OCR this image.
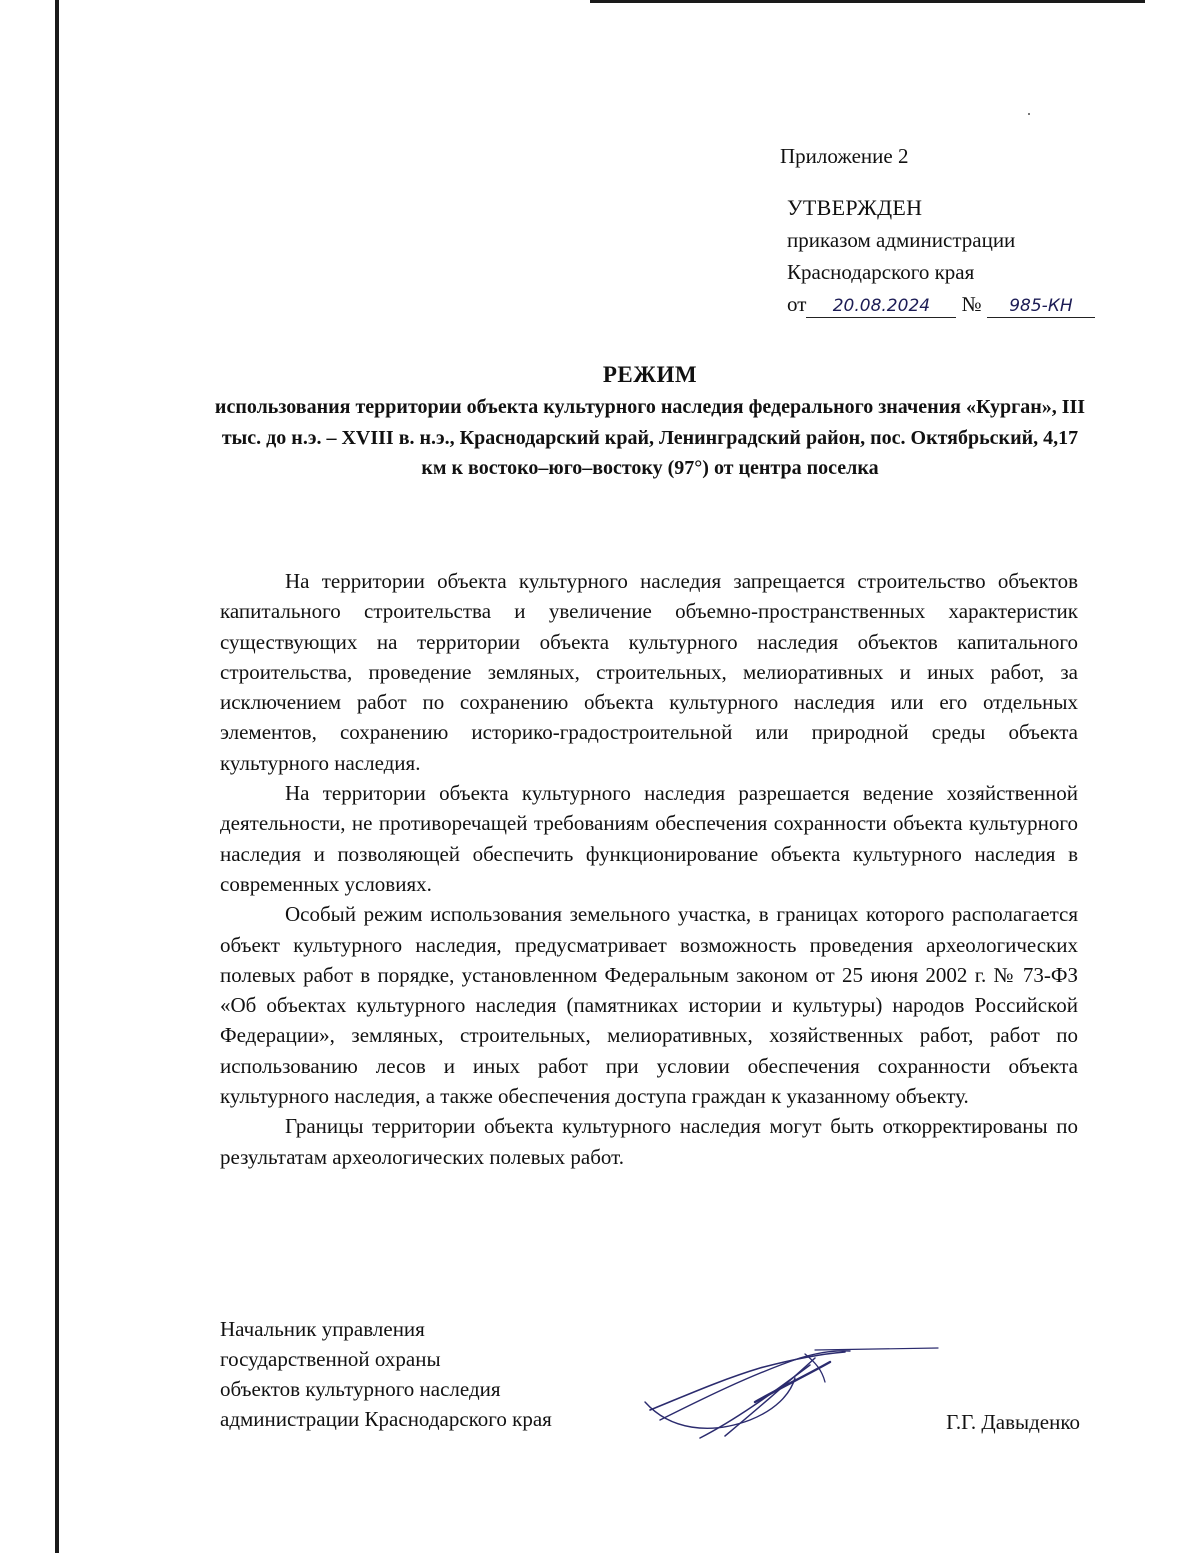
Приложение 2
УТВЕРЖДЕН
приказом администрации
Краснодарского края
от 20.08.2024 № 985-КН
РЕЖИМ
использования территории объекта культурного наследия федерального значения «Курган», III тыс. до н.э. – XVIII в. н.э., Краснодарский край, Ленинградский район, пос. Октябрьский, 4,17 км к востоко–юго–востоку (97°) от центра поселка

На территории объекта культурного наследия запрещается строительство объектов капитального строительства и увеличение объемно-пространственных характеристик существующих на территории объекта культурного наследия объектов капитального строительства, проведение земляных, строительных, мелиоративных и иных работ, за исключением работ по сохранению объекта культурного наследия или его отдельных элементов, сохранению историко-градостроительной или природной среды объекта культурного наследия.

На территории объекта культурного наследия разрешается ведение хозяйственной деятельности, не противоречащей требованиям обеспечения сохранности объекта культурного наследия и позволяющей обеспечить функционирование объекта культурного наследия в современных условиях.

Особый режим использования земельного участка, в границах которого располагается объект культурного наследия, предусматривает возможность проведения археологических полевых работ в порядке, установленном Федеральным законом от 25 июня 2002 г. № 73-ФЗ «Об объектах культурного наследия (памятниках истории и культуры) народов Российской Федерации», земляных, строительных, мелиоративных, хозяйственных работ, работ по использованию лесов и иных работ при условии обеспечения сохранности объекта культурного наследия, а также обеспечения доступа граждан к указанному объекту.

Границы территории объекта культурного наследия могут быть откорректированы по результатам археологических полевых работ.

Начальник управления
государственной охраны
объектов культурного наследия
администрации Краснодарского края	Г.Г. Давыденко
